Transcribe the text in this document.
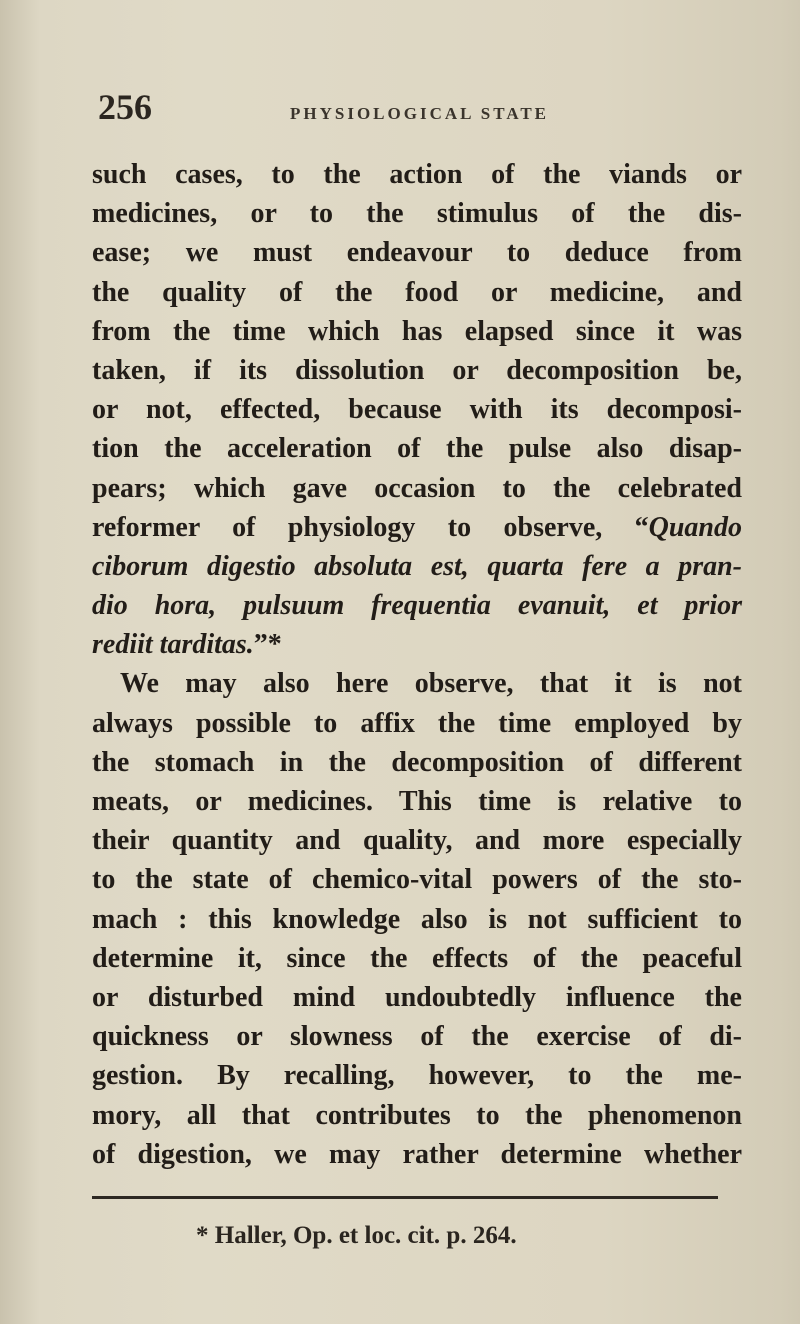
256	PHYSIOLOGICAL STATE
such cases, to the action of the viands or
medicines, or to the stimulus of the dis-
ease; we must endeavour to deduce from
the quality of the food or medicine, and
from the time which has elapsed since it was
taken, if its dissolution or decomposition be,
or not, effected, because with its decomposi-
tion the acceleration of the pulse also disap-
pears; which gave occasion to the celebrated
reformer of physiology to observe, “Quando
ciborum digestio absoluta est, quarta fere a pran-
dio hora, pulsuum frequentia evanuit, et prior
rediit tarditas.”*
We may also here observe, that it is not
always possible to affix the time employed by
the stomach in the decomposition of different
meats, or medicines. This time is relative to
their quantity and quality, and more especially
to the state of chemico-vital powers of the sto-
mach : this knowledge also is not sufficient to
determine it, since the effects of the peaceful
or disturbed mind undoubtedly influence the
quickness or slowness of the exercise of di-
gestion. By recalling, however, to the me-
mory, all that contributes to the phenomenon
of digestion, we may rather determine whether
* Haller, Op. et loc. cit. p. 264.
